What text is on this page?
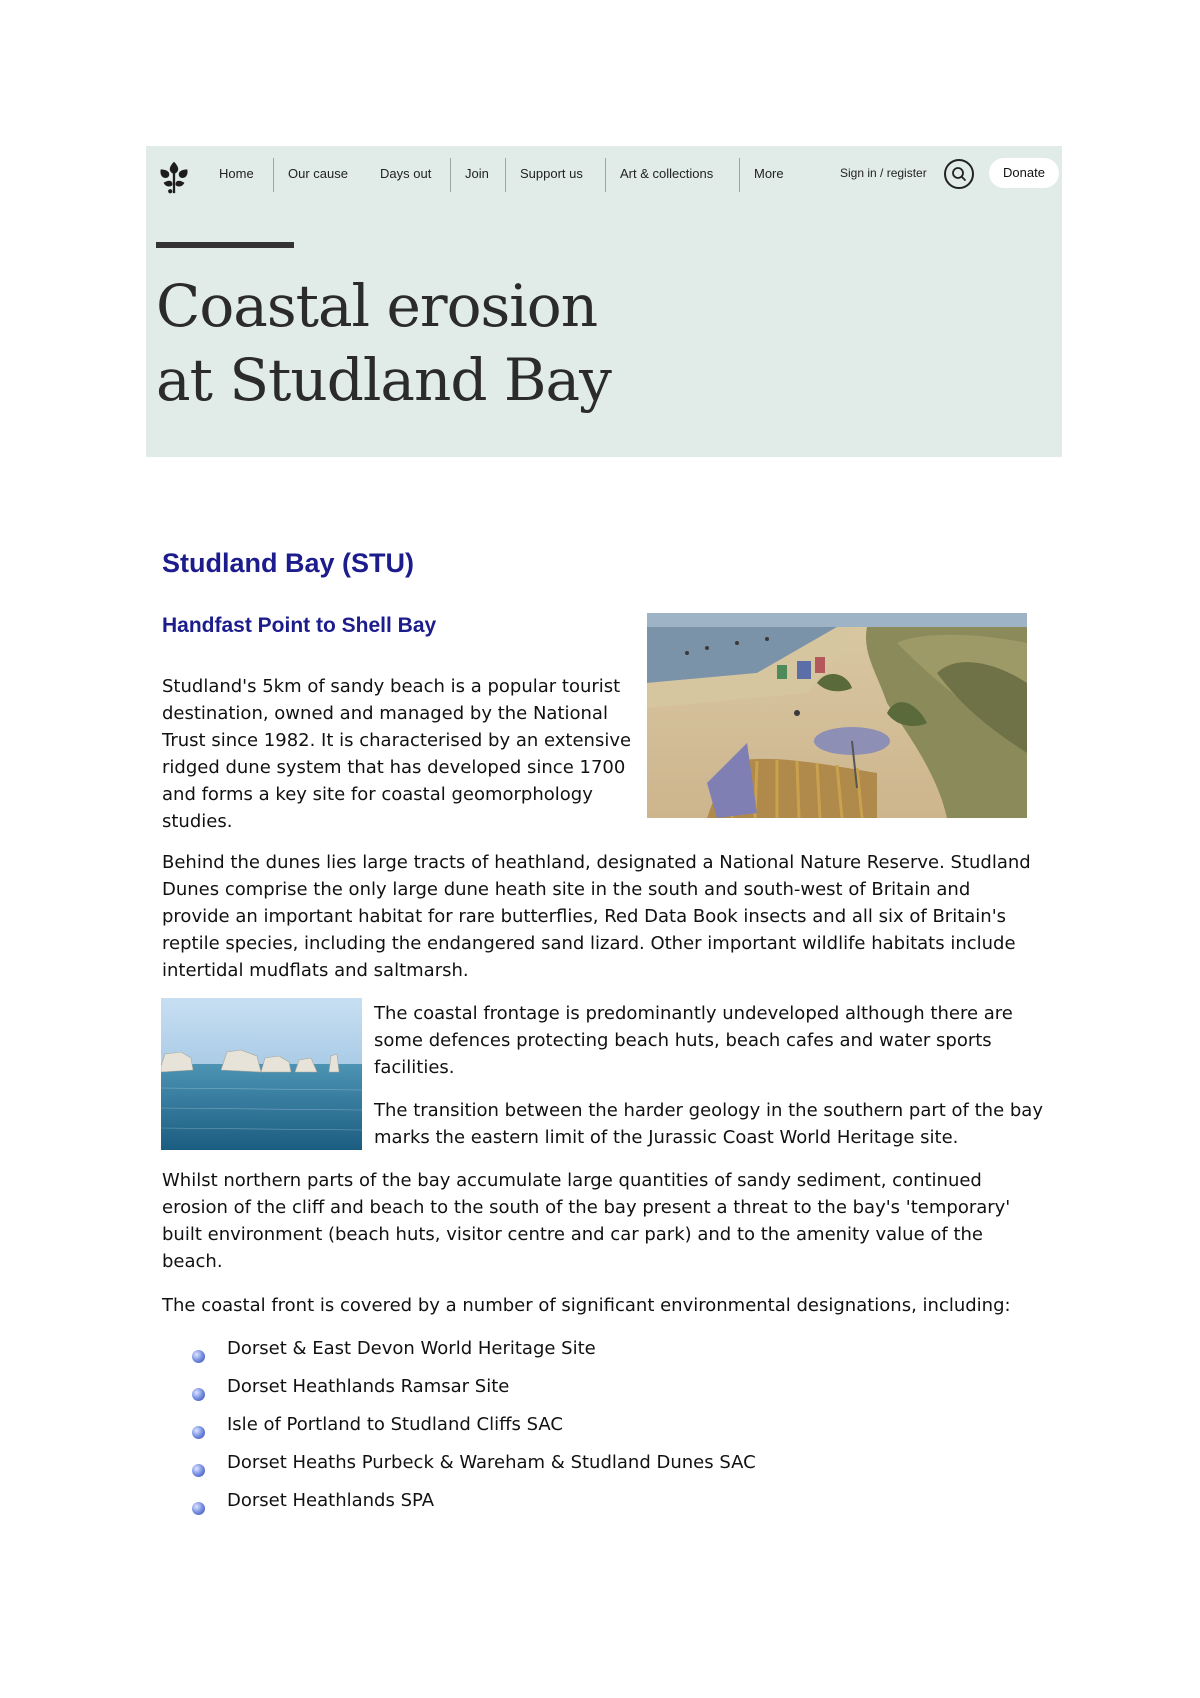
Home	Our cause Days out	Join Support us	Art & collections	More	Sign in / register	Donate
Coastal erosion
at Studland Bay
Studland Bay (STU)
Handfast Point to Shell Bay

Studland's 5km of sandy beach is a popular tourist destination, owned and managed by the National Trust since 1982. It is characterised by an extensive ridged dune system that has developed since 1700 and forms a key site for coastal geomorphology studies.

Behind the dunes lies large tracts of heathland, designated a National Nature Reserve. Studland Dunes comprise the only large dune heath site in the south and south-west of Britain and provide an important habitat for rare butterflies, Red Data Book insects and all six of Britain's reptile species, including the endangered sand lizard. Other important wildlife habitats include intertidal mudflats and saltmarsh.

The coastal frontage is predominantly undeveloped although there are some defences protecting beach huts, beach cafes and water sports facilities.

The transition between the harder geology in the southern part of the bay marks the eastern limit of the Jurassic Coast World Heritage site.

Whilst northern parts of the bay accumulate large quantities of sandy sediment, continued erosion of the cliff and beach to the south of the bay present a threat to the bay's 'temporary' built environment (beach huts, visitor centre and car park) and to the amenity value of the beach.

The coastal front is covered by a number of significant environmental designations, including:

Dorset & East Devon World Heritage Site
Dorset Heathlands Ramsar Site
Isle of Portland to Studland Cliffs SAC
Dorset Heaths Purbeck & Wareham & Studland Dunes SAC
Dorset Heathlands SPA
